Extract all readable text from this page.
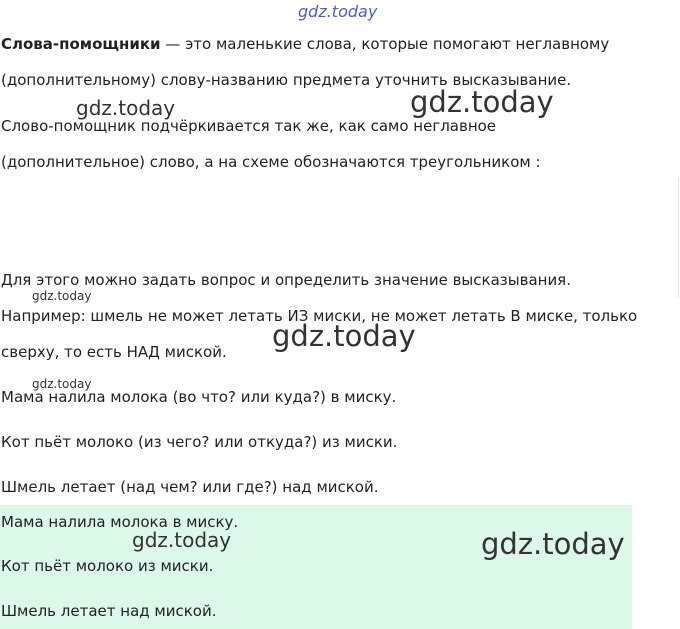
gdz.today
Слова-помощники — это маленькие слова, которые помогают неглавному
(дополнительному) слову-названию предмета уточнить высказывание.
Слово-помощник подчёркивается так же, как само неглавное
(дополнительное) слово, а на схеме обозначаются треугольником :
Для этого можно задать вопрос и определить значение высказывания.
Например: шмель не может летать ИЗ миски, не может летать В миске, только
сверху, то есть НАД миской.
Мама налила молока (во что? или куда?) в миску.
Кот пьёт молоко (из чего? или откуда?) из миски.
Шмель летает (над чем? или где?) над миской.
Мама налила молока в миску.
Кот пьёт молоко из миски.
Шмель летает над миской.
gdz.today	gdz.today
gdz.today
gdz.today
gdz.today
gdz.today	gdz.today
